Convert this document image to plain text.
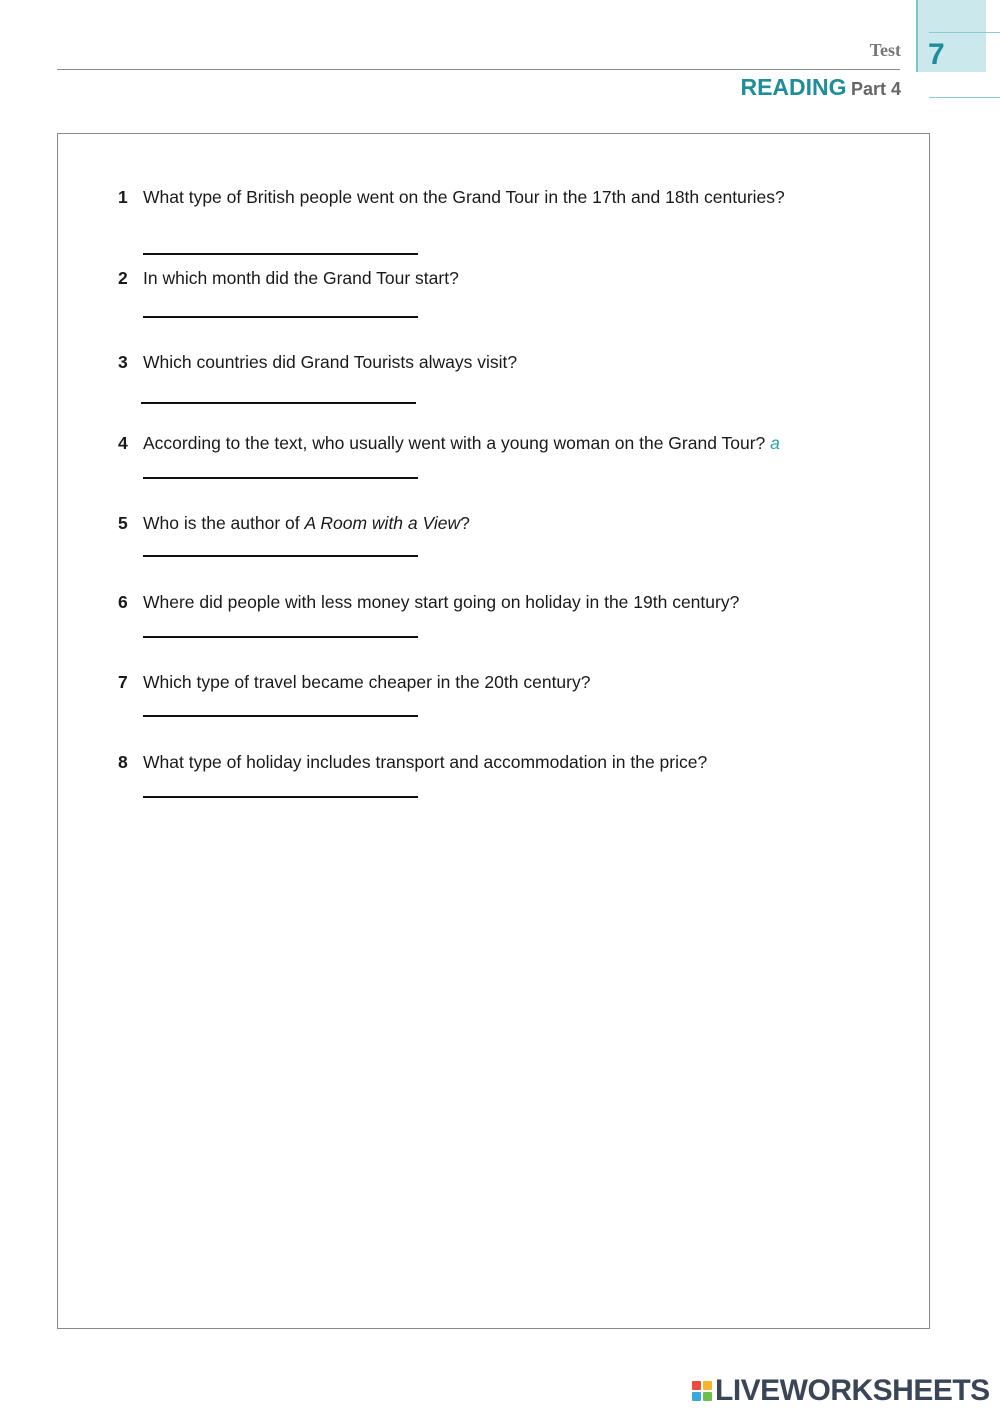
Test 7
READING Part 4
1 What type of British people went on the Grand Tour in the 17th and 18th centuries?
2 In which month did the Grand Tour start?
3 Which countries did Grand Tourists always visit?
4 According to the text, who usually went with a young woman on the Grand Tour? a
5 Who is the author of A Room with a View?
6 Where did people with less money start going on holiday in the 19th century?
7 Which type of travel became cheaper in the 20th century?
8 What type of holiday includes transport and accommodation in the price?
LIVEWORKSHEETS
